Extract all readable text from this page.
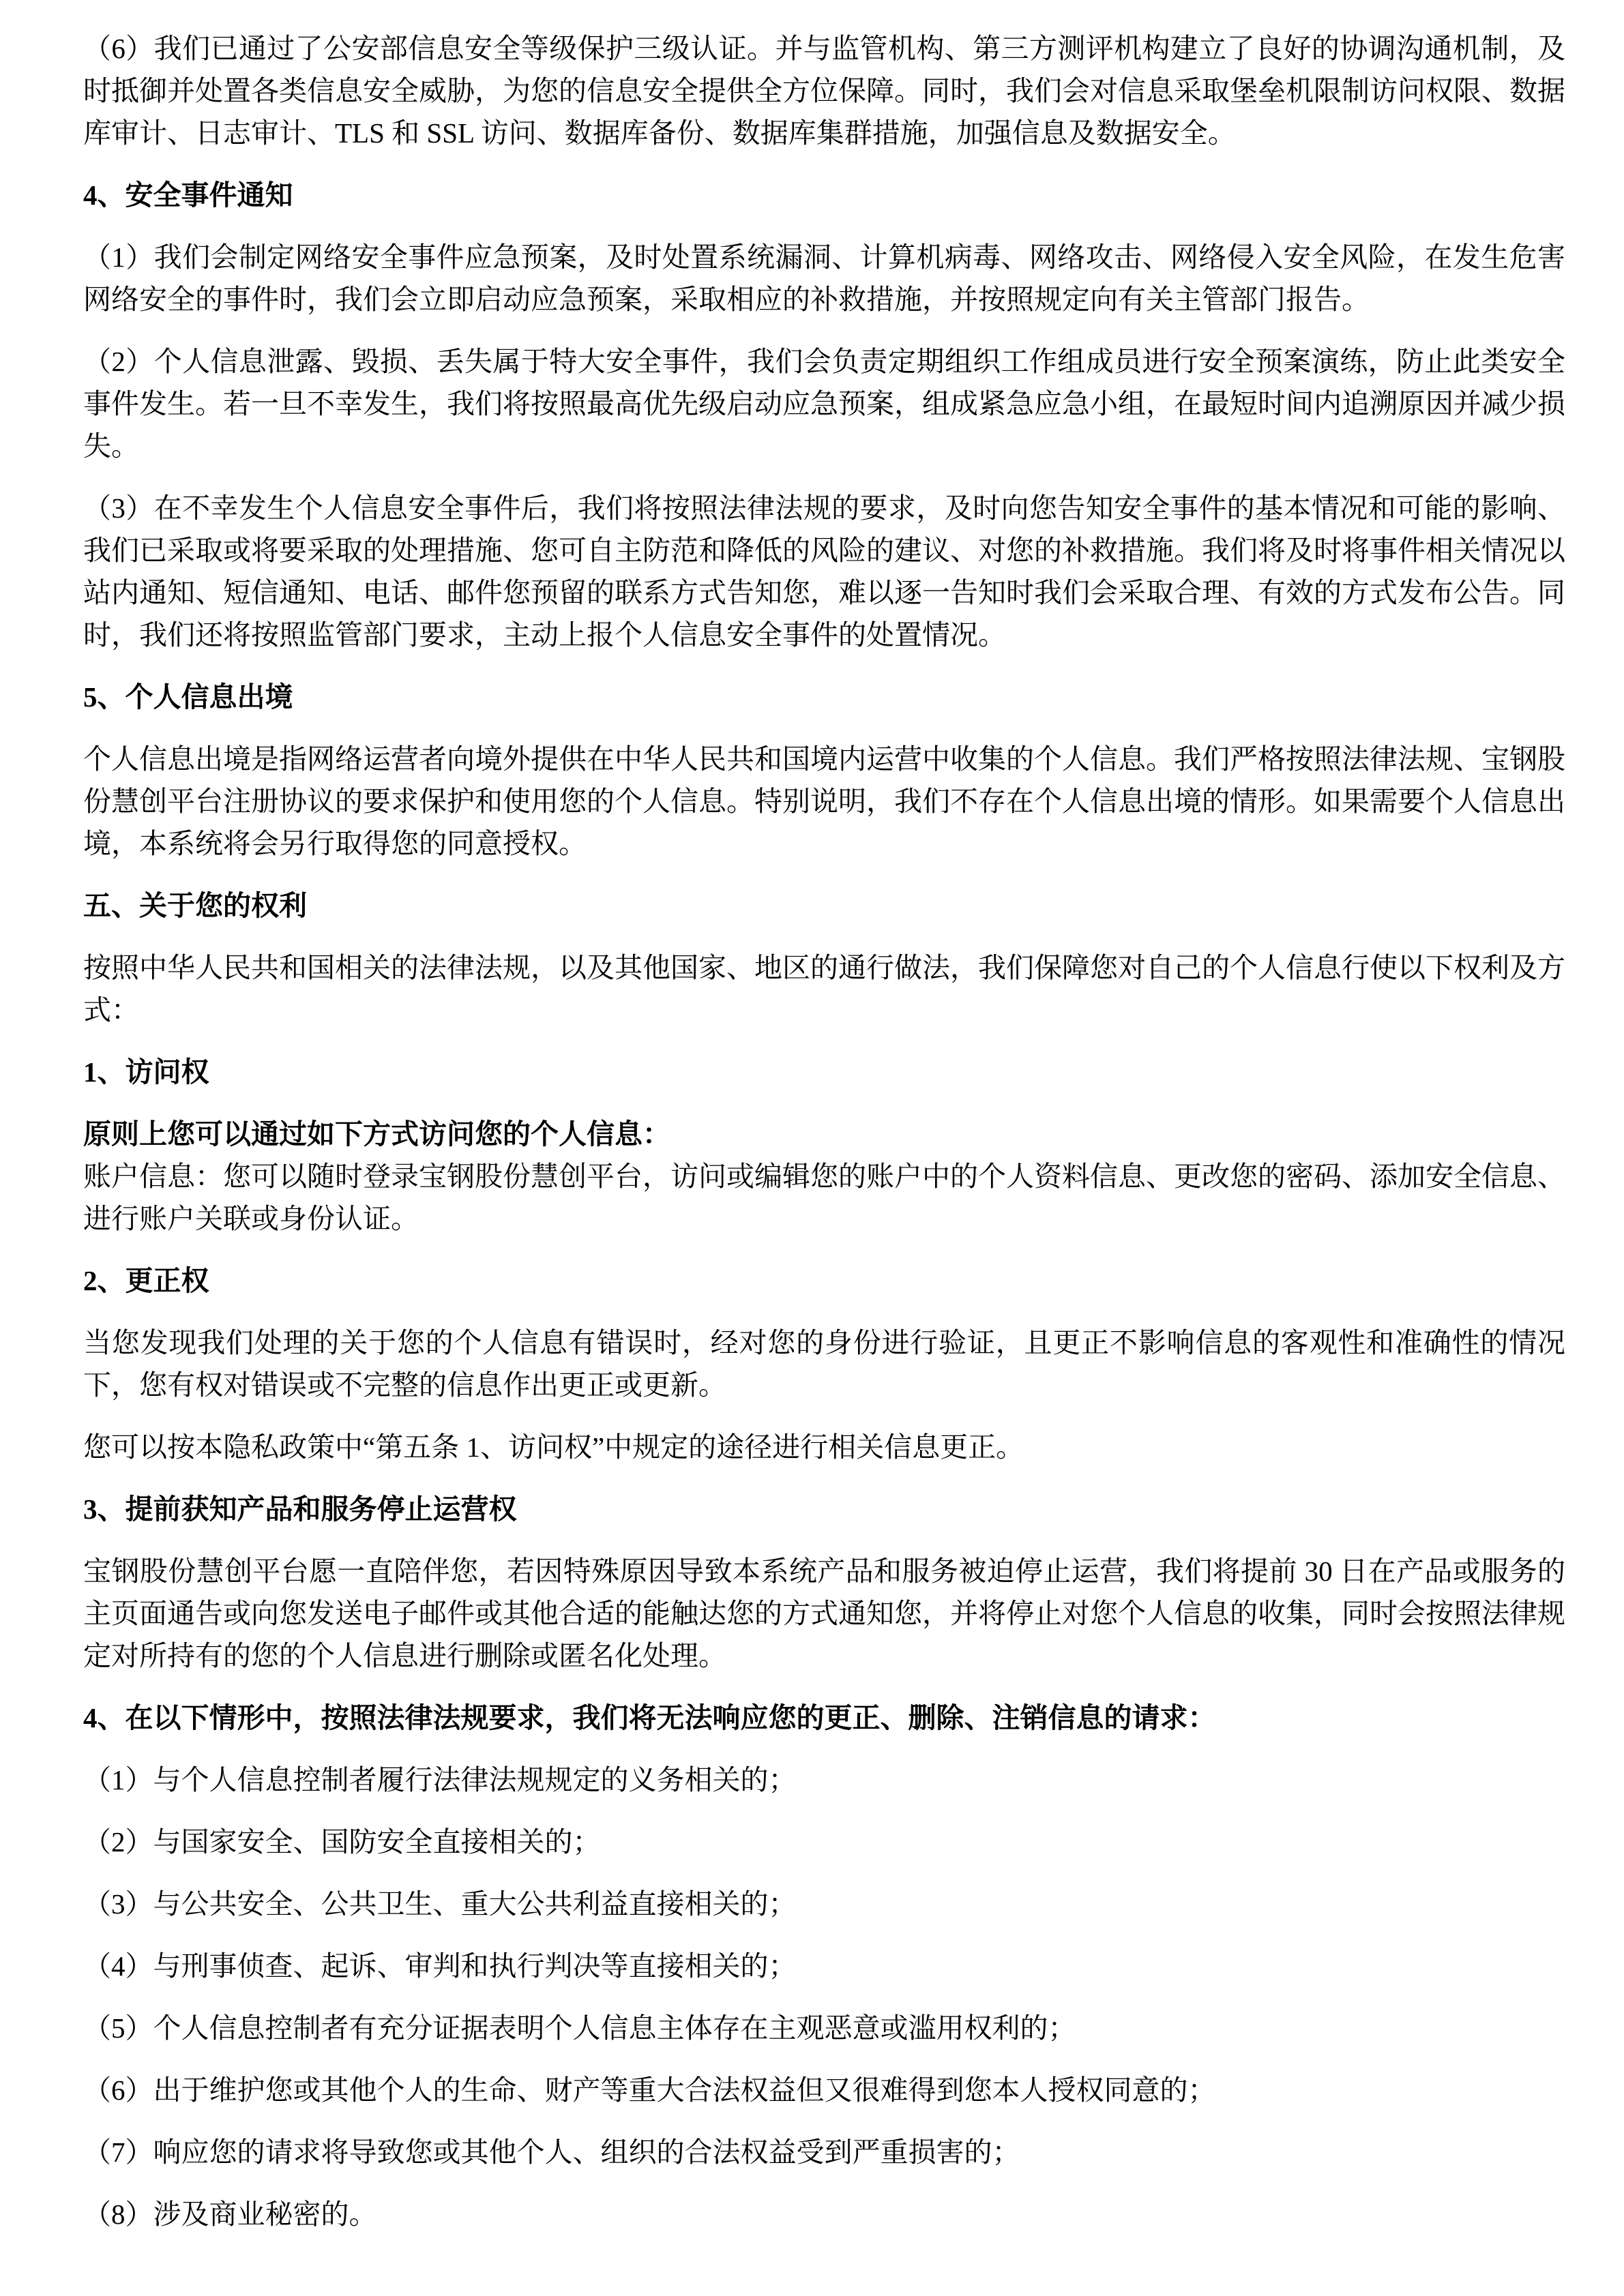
（6）我们已通过了公安部信息安全等级保护三级认证。并与监管机构、第三方测评机构建立了良好的协调沟通机制，及时抵御并处置各类信息安全威胁，为您的信息安全提供全方位保障。同时，我们会对信息采取堡垒机限制访问权限、数据库审计、日志审计、TLS 和 SSL 访问、数据库备份、数据库集群措施，加强信息及数据安全。

4、安全事件通知

（1）我们会制定网络安全事件应急预案，及时处置系统漏洞、计算机病毒、网络攻击、网络侵入安全风险，在发生危害网络安全的事件时，我们会立即启动应急预案，采取相应的补救措施，并按照规定向有关主管部门报告。

（2）个人信息泄露、毁损、丢失属于特大安全事件，我们会负责定期组织工作组成员进行安全预案演练，防止此类安全事件发生。若一旦不幸发生，我们将按照最高优先级启动应急预案，组成紧急应急小组，在最短时间内追溯原因并减少损失。

（3）在不幸发生个人信息安全事件后，我们将按照法律法规的要求，及时向您告知安全事件的基本情况和可能的影响、我们已采取或将要采取的处理措施、您可自主防范和降低的风险的建议、对您的补救措施。我们将及时将事件相关情况以站内通知、短信通知、电话、邮件您预留的联系方式告知您，难以逐一告知时我们会采取合理、有效的方式发布公告。同时，我们还将按照监管部门要求，主动上报个人信息安全事件的处置情况。

5、个人信息出境

个人信息出境是指网络运营者向境外提供在中华人民共和国境内运营中收集的个人信息。我们严格按照法律法规、宝钢股份慧创平台注册协议的要求保护和使用您的个人信息。特别说明，我们不存在个人信息出境的情形。如果需要个人信息出境，本系统将会另行取得您的同意授权。

五、关于您的权利

按照中华人民共和国相关的法律法规，以及其他国家、地区的通行做法，我们保障您对自己的个人信息行使以下权利及方式：

1、访问权

原则上您可以通过如下方式访问您的个人信息：

账户信息：您可以随时登录宝钢股份慧创平台，访问或编辑您的账户中的个人资料信息、更改您的密码、添加安全信息、进行账户关联或身份认证。

2、更正权

当您发现我们处理的关于您的个人信息有错误时，经对您的身份进行验证，且更正不影响信息的客观性和准确性的情况下，您有权对错误或不完整的信息作出更正或更新。

您可以按本隐私政策中“第五条 1、访问权”中规定的途径进行相关信息更正。

3、提前获知产品和服务停止运营权

宝钢股份慧创平台愿一直陪伴您，若因特殊原因导致本系统产品和服务被迫停止运营，我们将提前 30 日在产品或服务的主页面通告或向您发送电子邮件或其他合适的能触达您的方式通知您，并将停止对您个人信息的收集，同时会按照法律规定对所持有的您的个人信息进行删除或匿名化处理。

4、在以下情形中，按照法律法规要求，我们将无法响应您的更正、删除、注销信息的请求：

（1）与个人信息控制者履行法律法规规定的义务相关的；

（2）与国家安全、国防安全直接相关的；

（3）与公共安全、公共卫生、重大公共利益直接相关的；

（4）与刑事侦查、起诉、审判和执行判决等直接相关的；

（5）个人信息控制者有充分证据表明个人信息主体存在主观恶意或滥用权利的；

（6）出于维护您或其他个人的生命、财产等重大合法权益但又很难得到您本人授权同意的；

（7）响应您的请求将导致您或其他个人、组织的合法权益受到严重损害的；

（8）涉及商业秘密的。
